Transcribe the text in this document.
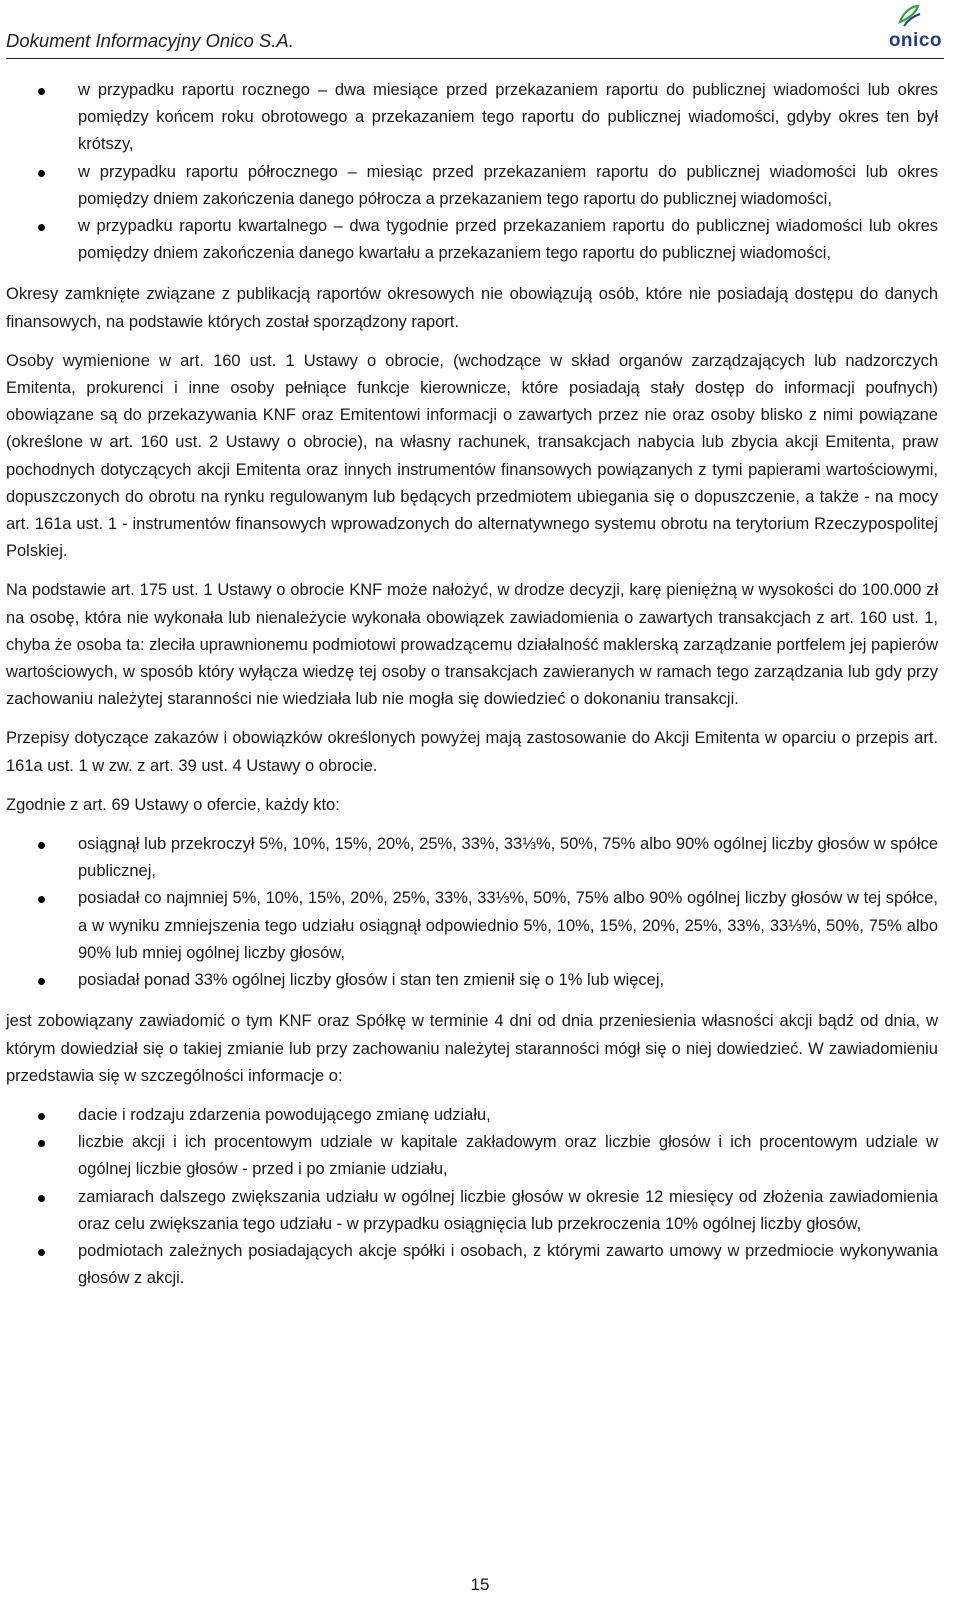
Dokument Informacyjny Onico S.A.	onico
w przypadku raportu rocznego – dwa miesiące przed przekazaniem raportu do publicznej wiadomości lub okres pomiędzy końcem roku obrotowego a przekazaniem tego raportu do publicznej wiadomości, gdyby okres ten był krótszy,
w przypadku raportu półrocznego – miesiąc przed przekazaniem raportu do publicznej wiadomości lub okres pomiędzy dniem zakończenia danego półrocza a przekazaniem tego raportu do publicznej wiadomości,
w przypadku raportu kwartalnego – dwa tygodnie przed przekazaniem raportu do publicznej wiadomości lub okres pomiędzy dniem zakończenia danego kwartału a przekazaniem tego raportu do publicznej wiadomości,

Okresy zamknięte związane z publikacją raportów okresowych nie obowiązują osób, które nie posiadają dostępu do danych finansowych, na podstawie których został sporządzony raport.

Osoby wymienione w art. 160 ust. 1 Ustawy o obrocie, (wchodzące w skład organów zarządzających lub nadzorczych Emitenta, prokurenci i inne osoby pełniące funkcje kierownicze, które posiadają stały dostęp do informacji poufnych) obowiązane są do przekazywania KNF oraz Emitentowi informacji o zawartych przez nie oraz osoby blisko z nimi powiązane (określone w art. 160 ust. 2 Ustawy o obrocie), na własny rachunek, transakcjach nabycia lub zbycia akcji Emitenta, praw pochodnych dotyczących akcji Emitenta oraz innych instrumentów finansowych powiązanych z tymi papierami wartościowymi, dopuszczonych do obrotu na rynku regulowanym lub będących przedmiotem ubiegania się o dopuszczenie, a także - na mocy art. 161a ust. 1 - instrumentów finansowych wprowadzonych do alternatywnego systemu obrotu na terytorium Rzeczypospolitej Polskiej.

Na podstawie art. 175 ust. 1 Ustawy o obrocie KNF może nałożyć, w drodze decyzji, karę pieniężną w wysokości do 100.000 zł na osobę, która nie wykonała lub nienależycie wykonała obowiązek zawiadomienia o zawartych transakcjach z art. 160 ust. 1, chyba że osoba ta: zleciła uprawnionemu podmiotowi prowadzącemu działalność maklerską zarządzanie portfelem jej papierów wartościowych, w sposób który wyłącza wiedzę tej osoby o transakcjach zawieranych w ramach tego zarządzania lub gdy przy zachowaniu należytej staranności nie wiedziała lub nie mogła się dowiedzieć o dokonaniu transakcji.

Przepisy dotyczące zakazów i obowiązków określonych powyżej mają zastosowanie do Akcji Emitenta w oparciu o przepis art. 161a ust. 1 w zw. z art. 39 ust. 4 Ustawy o obrocie.

Zgodnie z art. 69 Ustawy o ofercie, każdy kto:

osiągnął lub przekroczył 5%, 10%, 15%, 20%, 25%, 33%, 33⅓%, 50%, 75% albo 90% ogólnej liczby głosów w spółce publicznej,
posiadał co najmniej 5%, 10%, 15%, 20%, 25%, 33%, 33⅓%, 50%, 75% albo 90% ogólnej liczby głosów w tej spółce, a w wyniku zmniejszenia tego udziału osiągnął odpowiednio 5%, 10%, 15%, 20%, 25%, 33%, 33⅓%, 50%, 75% albo 90% lub mniej ogólnej liczby głosów,
posiadał ponad 33% ogólnej liczby głosów i stan ten zmienił się o 1% lub więcej,

jest zobowiązany zawiadomić o tym KNF oraz Spółkę w terminie 4 dni od dnia przeniesienia własności akcji bądź od dnia, w którym dowiedział się o takiej zmianie lub przy zachowaniu należytej staranności mógł się o niej dowiedzieć. W zawiadomieniu przedstawia się w szczególności informacje o:

dacie i rodzaju zdarzenia powodującego zmianę udziału,
liczbie akcji i ich procentowym udziale w kapitale zakładowym oraz liczbie głosów i ich procentowym udziale w ogólnej liczbie głosów - przed i po zmianie udziału,
zamiarach dalszego zwiększania udziału w ogólnej liczbie głosów w okresie 12 miesięcy od złożenia zawiadomienia oraz celu zwiększania tego udziału - w przypadku osiągnięcia lub przekroczenia 10% ogólnej liczby głosów,
podmiotach zależnych posiadających akcje spółki i osobach, z którymi zawarto umowy w przedmiocie wykonywania głosów z akcji.
15
